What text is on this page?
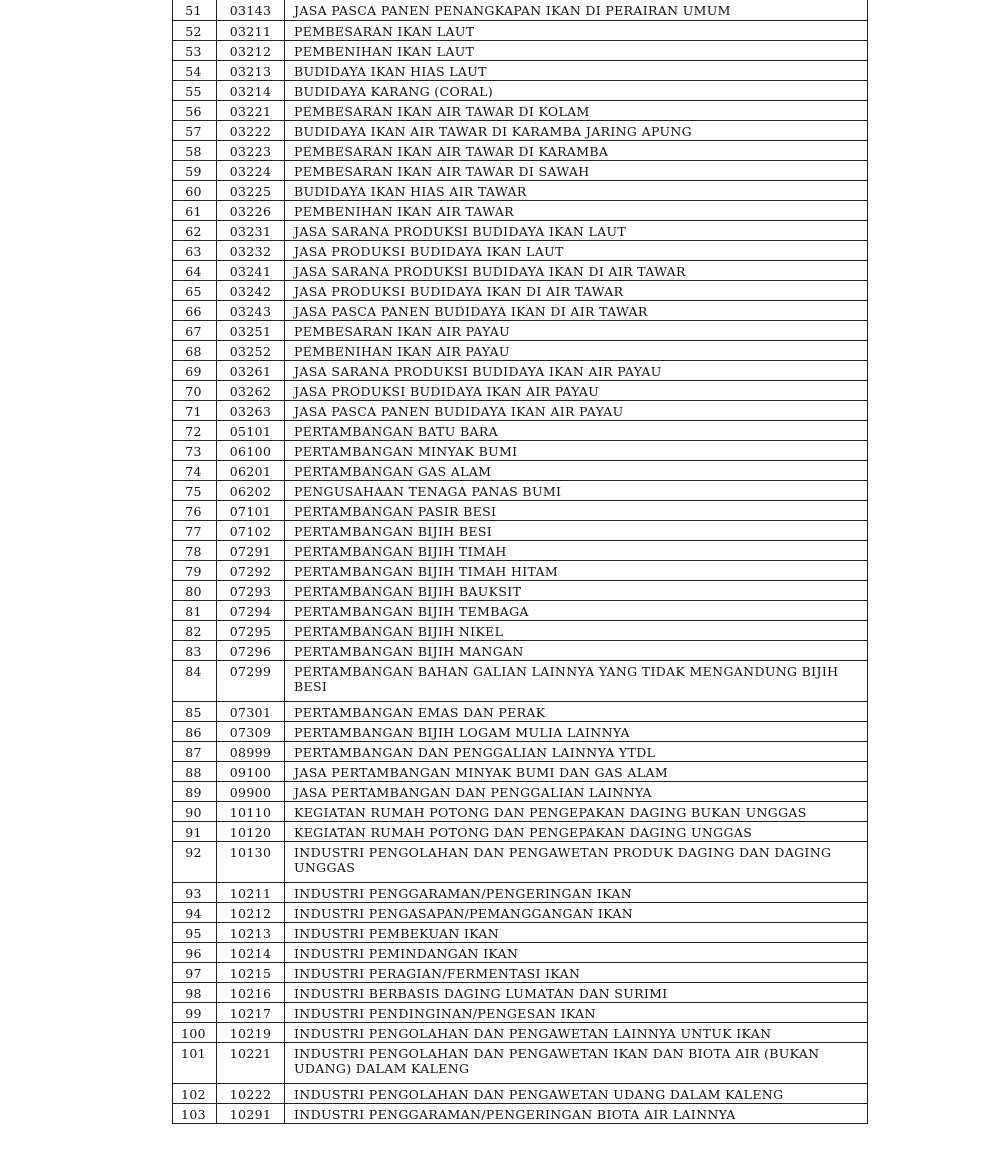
51	03143	JASA PASCA PANEN PENANGKAPAN IKAN DI PERAIRAN UMUM
52	03211	PEMBESARAN IKAN LAUT
53	03212	PEMBENIHAN IKAN LAUT
54	03213	BUDIDAYA IKAN HIAS LAUT
55	03214	BUDIDAYA KARANG (CORAL)
56	03221	PEMBESARAN IKAN AIR TAWAR DI KOLAM
57	03222	BUDIDAYA IKAN AIR TAWAR DI KARAMBA JARING APUNG
58	03223	PEMBESARAN IKAN AIR TAWAR DI KARAMBA
59	03224	PEMBESARAN IKAN AIR TAWAR DI SAWAH
60	03225	BUDIDAYA IKAN HIAS AIR TAWAR
61	03226	PEMBENIHAN IKAN AIR TAWAR
62	03231	JASA SARANA PRODUKSI BUDIDAYA IKAN LAUT
63	03232	JASA PRODUKSI BUDIDAYA IKAN LAUT
64	03241	JASA SARANA PRODUKSI BUDIDAYA IKAN DI AIR TAWAR
65	03242	JASA PRODUKSI BUDIDAYA IKAN DI AIR TAWAR
66	03243	JASA PASCA PANEN BUDIDAYA IKAN DI AIR TAWAR
67	03251	PEMBESARAN IKAN AIR PAYAU
68	03252	PEMBENIHAN IKAN AIR PAYAU
69	03261	JASA SARANA PRODUKSI BUDIDAYA IKAN AIR PAYAU
70	03262	JASA PRODUKSI BUDIDAYA IKAN AIR PAYAU
71	03263	JASA PASCA PANEN BUDIDAYA IKAN AIR PAYAU
72	05101	PERTAMBANGAN BATU BARA
73	06100	PERTAMBANGAN MINYAK BUMI
74	06201	PERTAMBANGAN GAS ALAM
75	06202	PENGUSAHAAN TENAGA PANAS BUMI
76	07101	PERTAMBANGAN PASIR BESI
77	07102	PERTAMBANGAN BIJIH BESI
78	07291	PERTAMBANGAN BIJIH TIMAH
79	07292	PERTAMBANGAN BIJIH TIMAH HITAM
80	07293	PERTAMBANGAN BIJIH BAUKSIT
81	07294	PERTAMBANGAN BIJIH TEMBAGA
82	07295	PERTAMBANGAN BIJIH NIKEL
83	07296	PERTAMBANGAN BIJIH MANGAN
84	07299	PERTAMBANGAN BAHAN GALIAN LAINNYA YANG TIDAK MENGANDUNG BIJIH BESI
85	07301	PERTAMBANGAN EMAS DAN PERAK
86	07309	PERTAMBANGAN BIJIH LOGAM MULIA LAINNYA
87	08999	PERTAMBANGAN DAN PENGGALIAN LAINNYA YTDL
88	09100	JASA PERTAMBANGAN MINYAK BUMI DAN GAS ALAM
89	09900	JASA PERTAMBANGAN DAN PENGGALIAN LAINNYA
90	10110	KEGIATAN RUMAH POTONG DAN PENGEPAKAN DAGING BUKAN UNGGAS
91	10120	KEGIATAN RUMAH POTONG DAN PENGEPAKAN DAGING UNGGAS
92	10130	INDUSTRI PENGOLAHAN DAN PENGAWETAN PRODUK DAGING DAN DAGING UNGGAS
93	10211	INDUSTRI PENGGARAMAN/PENGERINGAN IKAN
94	10212	INDUSTRI PENGASAPAN/PEMANGGANGAN IKAN
95	10213	INDUSTRI PEMBEKUAN IKAN
96	10214	INDUSTRI PEMINDANGAN IKAN
97	10215	INDUSTRI PERAGIAN/FERMENTASI IKAN
98	10216	INDUSTRI BERBASIS DAGING LUMATAN DAN SURIMI
99	10217	INDUSTRI PENDINGINAN/PENGESAN IKAN
100	10219	INDUSTRI PENGOLAHAN DAN PENGAWETAN LAINNYA UNTUK IKAN
101	10221	INDUSTRI PENGOLAHAN DAN PENGAWETAN IKAN DAN BIOTA AIR (BUKAN UDANG) DALAM KALENG
102	10222	INDUSTRI PENGOLAHAN DAN PENGAWETAN UDANG DALAM KALENG
103	10291	INDUSTRI PENGGARAMAN/PENGERINGAN BIOTA AIR LAINNYA
